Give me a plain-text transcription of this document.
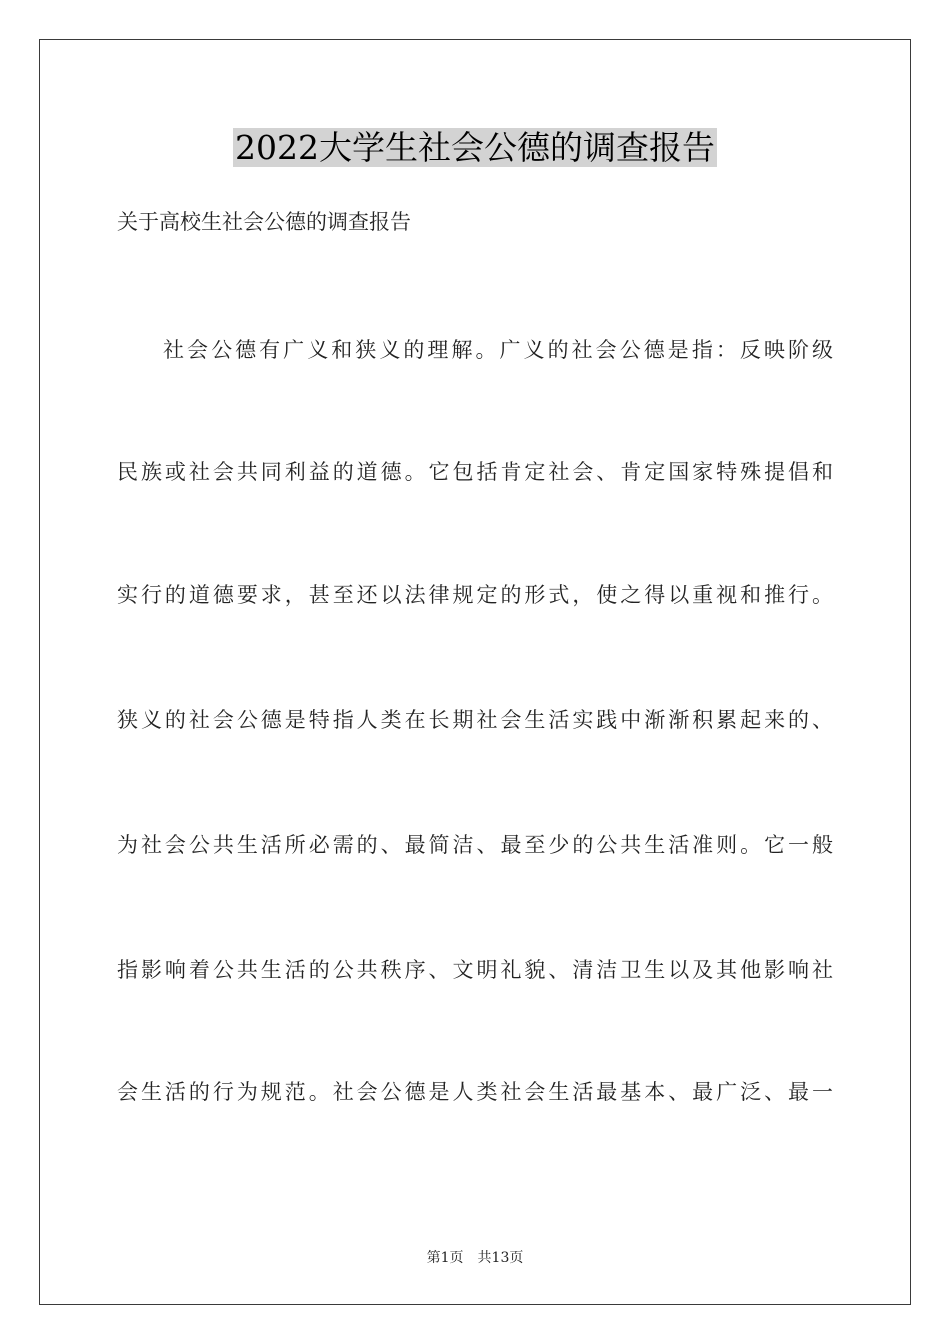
2022大学生社会公德的调查报告

关于高校生社会公德的调查报告

社会公德有广义和狭义的理解。广义的社会公德是指：反映阶级

民族或社会共同利益的道德。它包括肯定社会、肯定国家特殊提倡和

实行的道德要求，甚至还以法律规定的形式，使之得以重视和推行。

狭义的社会公德是特指人类在长期社会生活实践中渐渐积累起来的、

为社会公共生活所必需的、最简洁、最至少的公共生活准则。它一般

指影响着公共生活的公共秩序、文明礼貌、清洁卫生以及其他影响社

会生活的行为规范。社会公德是人类社会生活最基本、最广泛、最一

第1页 共13页
